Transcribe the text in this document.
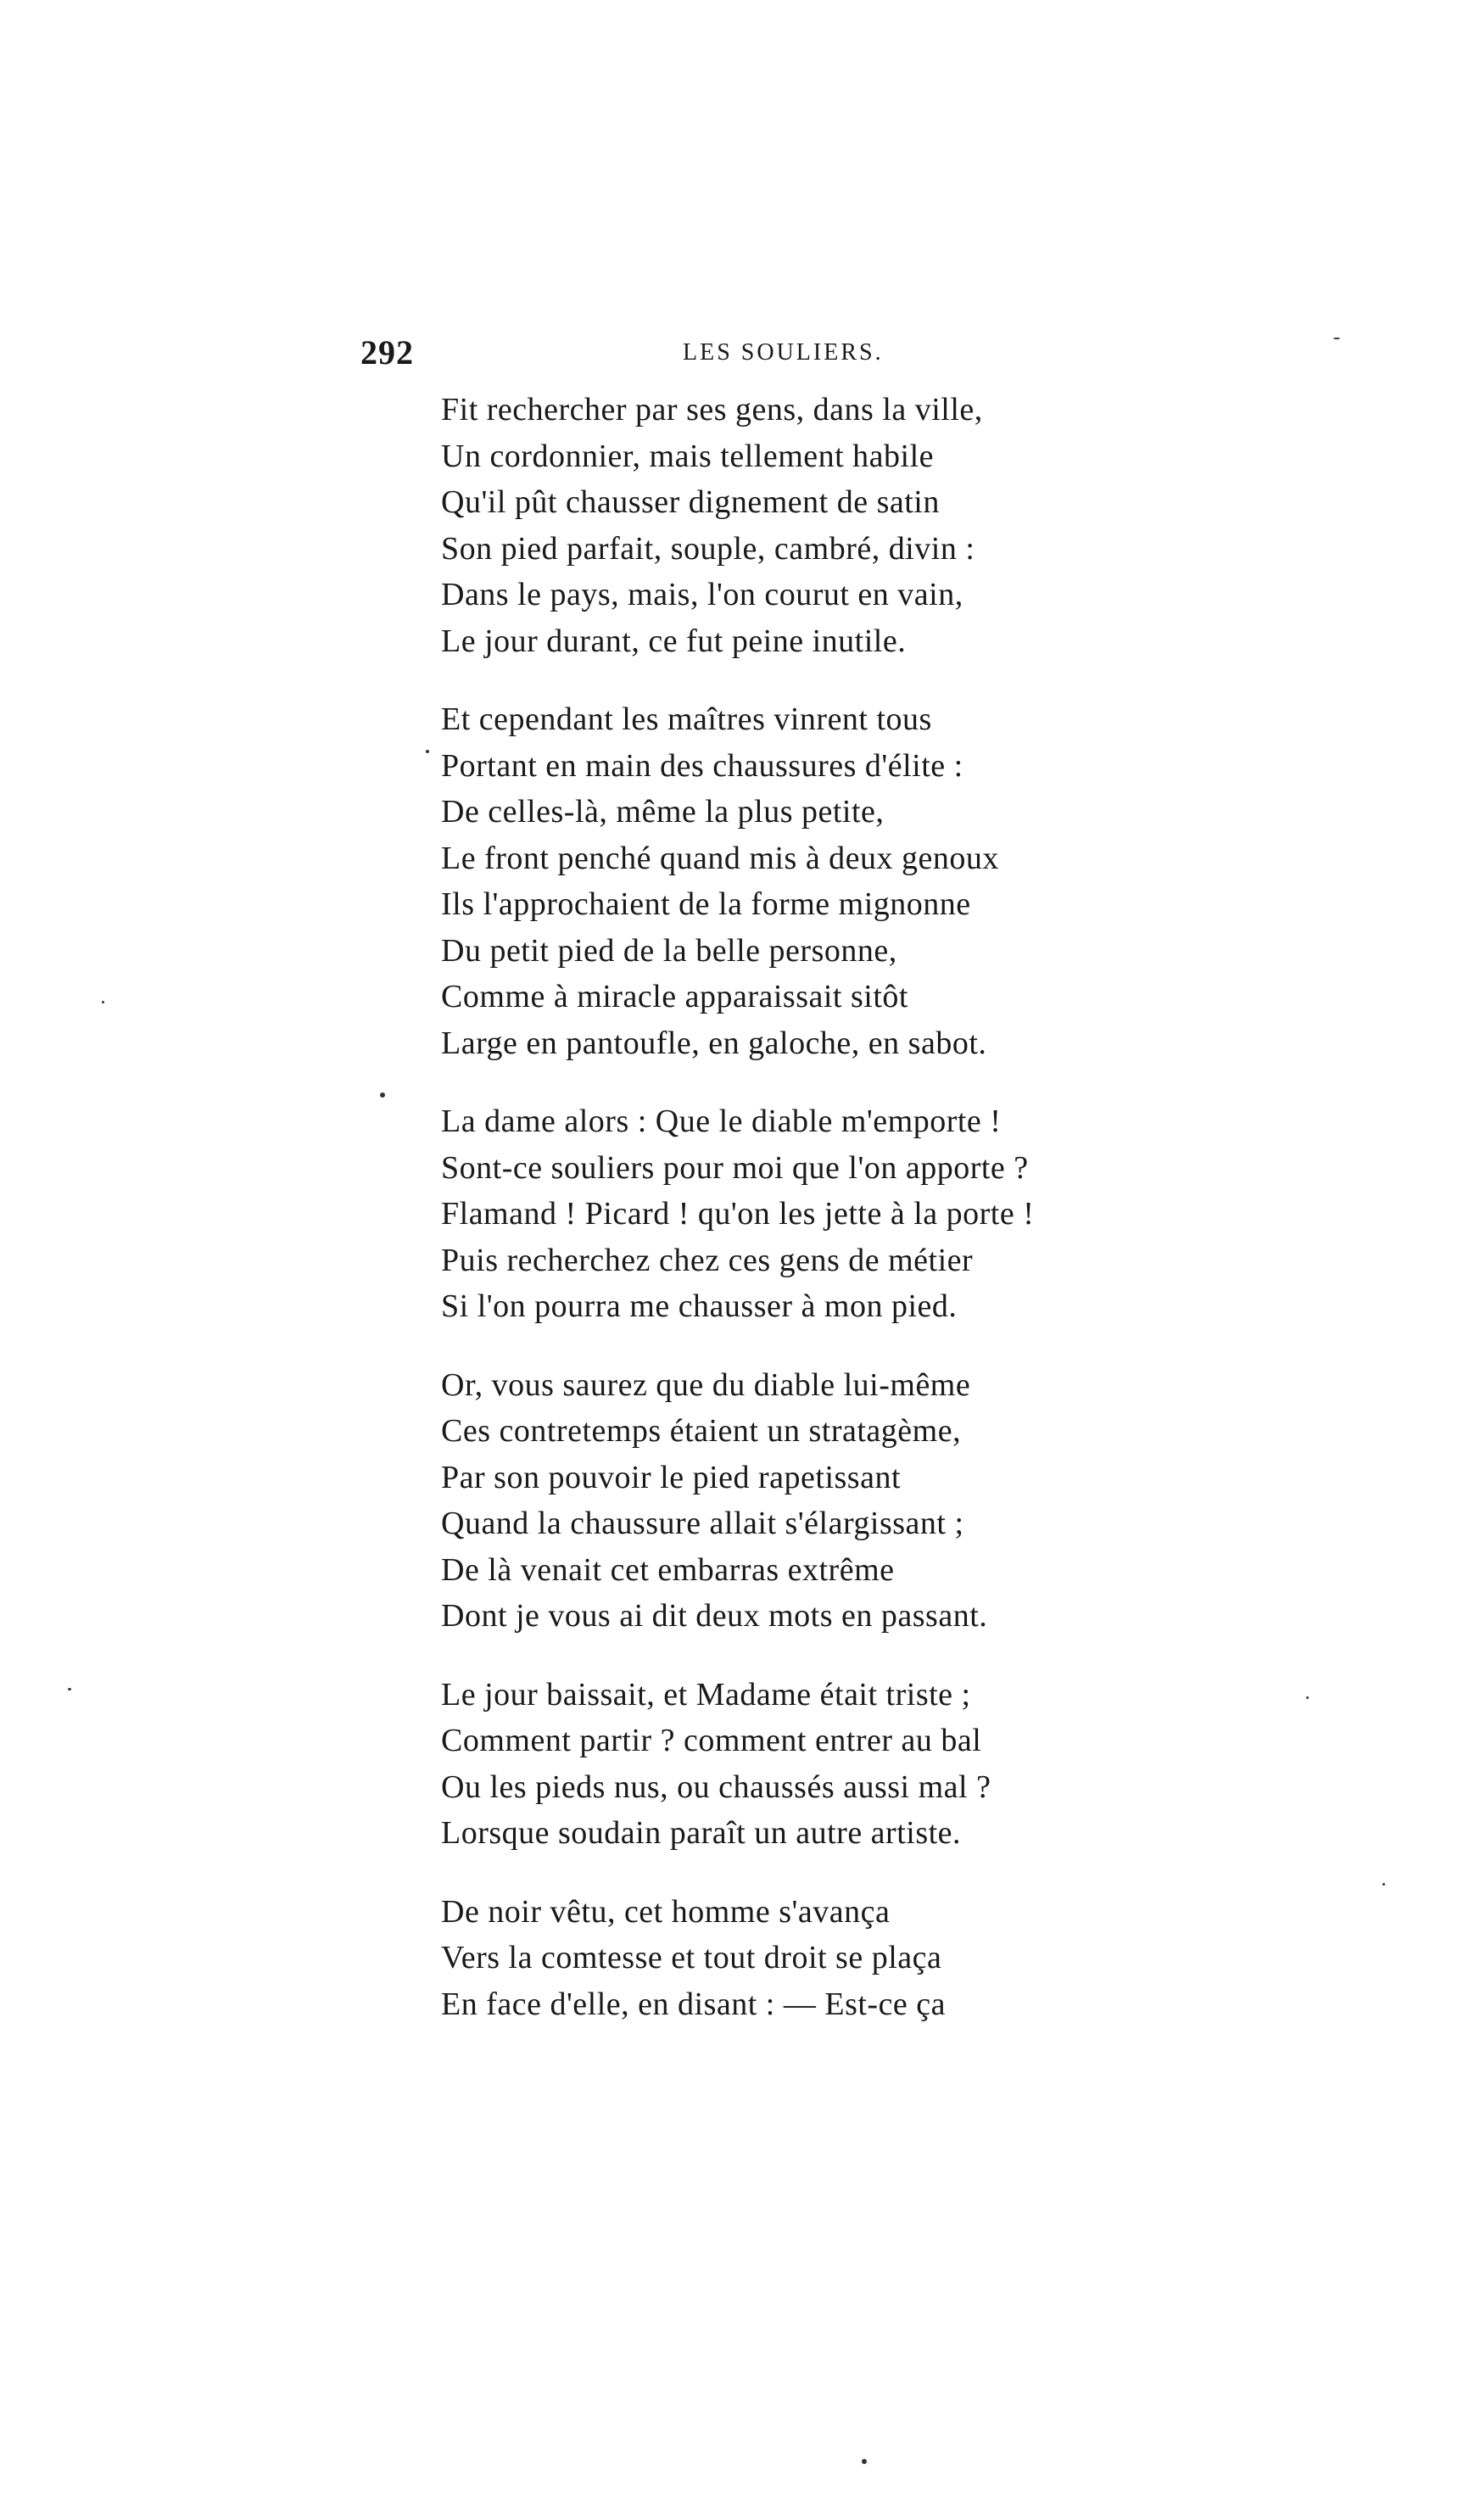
292	LES SOULIERS.
Fit rechercher par ses gens, dans la ville,
Un cordonnier, mais tellement habile
Qu'il pût chausser dignement de satin
Son pied parfait, souple, cambré, divin :
Dans le pays, mais, l'on courut en vain,
Le jour durant, ce fut peine inutile.
Et cependant les maîtres vinrent tous
Portant en main des chaussures d'élite :
De celles-là, même la plus petite,
Le front penché quand mis à deux genoux
Ils l'approchaient de la forme mignonne
Du petit pied de la belle personne,
Comme à miracle apparaissait sitôt
Large en pantoufle, en galoche, en sabot.
La dame alors : Que le diable m'emporte !
Sont-ce souliers pour moi que l'on apporte ?
Flamand ! Picard ! qu'on les jette à la porte !
Puis recherchez chez ces gens de métier
Si l'on pourra me chausser à mon pied.
Or, vous saurez que du diable lui-même
Ces contretemps étaient un stratagème,
Par son pouvoir le pied rapetissant
Quand la chaussure allait s'élargissant ;
De là venait cet embarras extrême
Dont je vous ai dit deux mots en passant.
Le jour baissait, et Madame était triste ;
Comment partir ? comment entrer au bal
Ou les pieds nus, ou chaussés aussi mal ?
Lorsque soudain paraît un autre artiste.
De noir vêtu, cet homme s'avança
Vers la comtesse et tout droit se plaça
En face d'elle, en disant : — Est-ce ça
